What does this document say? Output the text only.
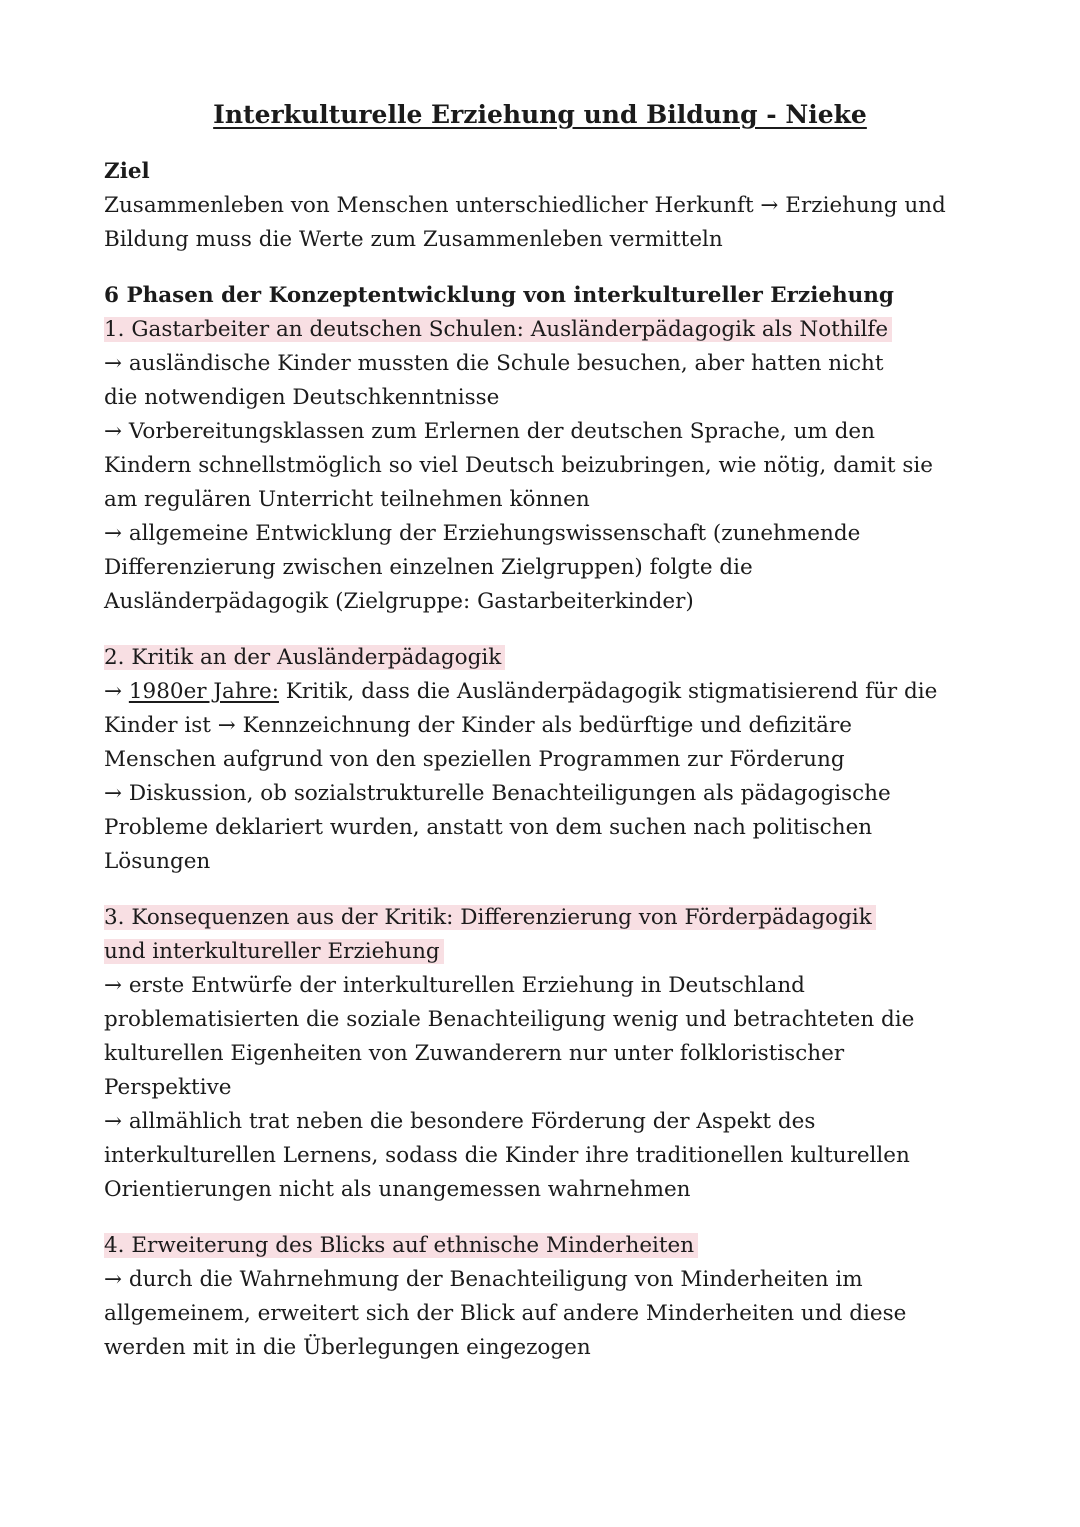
Interkulturelle Erziehung und Bildung - Nieke
Ziel
Zusammenleben von Menschen unterschiedlicher Herkunft → Erziehung und
Bildung muss die Werte zum Zusammenleben vermitteln
6 Phasen der Konzeptentwicklung von interkultureller Erziehung
1. Gastarbeiter an deutschen Schulen: Ausländerpädagogik als Nothilfe
→ ausländische Kinder mussten die Schule besuchen, aber hatten nicht
die notwendigen Deutschkenntnisse
→ Vorbereitungsklassen zum Erlernen der deutschen Sprache, um den
Kindern schnellstmöglich so viel Deutsch beizubringen, wie nötig, damit sie
am regulären Unterricht teilnehmen können
→ allgemeine Entwicklung der Erziehungswissenschaft (zunehmende
Differenzierung zwischen einzelnen Zielgruppen) folgte die
Ausländerpädagogik (Zielgruppe: Gastarbeiterkinder)
2. Kritik an der Ausländerpädagogik
→ 1980er Jahre: Kritik, dass die Ausländerpädagogik stigmatisierend für die
Kinder ist → Kennzeichnung der Kinder als bedürftige und defizitäre
Menschen aufgrund von den speziellen Programmen zur Förderung
→ Diskussion, ob sozialstrukturelle Benachteiligungen als pädagogische
Probleme deklariert wurden, anstatt von dem suchen nach politischen
Lösungen
3. Konsequenzen aus der Kritik: Differenzierung von Förderpädagogik
und interkultureller Erziehung
→ erste Entwürfe der interkulturellen Erziehung in Deutschland
problematisierten die soziale Benachteiligung wenig und betrachteten die
kulturellen Eigenheiten von Zuwanderern nur unter folkloristischer
Perspektive
→ allmählich trat neben die besondere Förderung der Aspekt des
interkulturellen Lernens, sodass die Kinder ihre traditionellen kulturellen
Orientierungen nicht als unangemessen wahrnehmen
4. Erweiterung des Blicks auf ethnische Minderheiten
→ durch die Wahrnehmung der Benachteiligung von Minderheiten im
allgemeinem, erweitert sich der Blick auf andere Minderheiten und diese
werden mit in die Überlegungen eingezogen
